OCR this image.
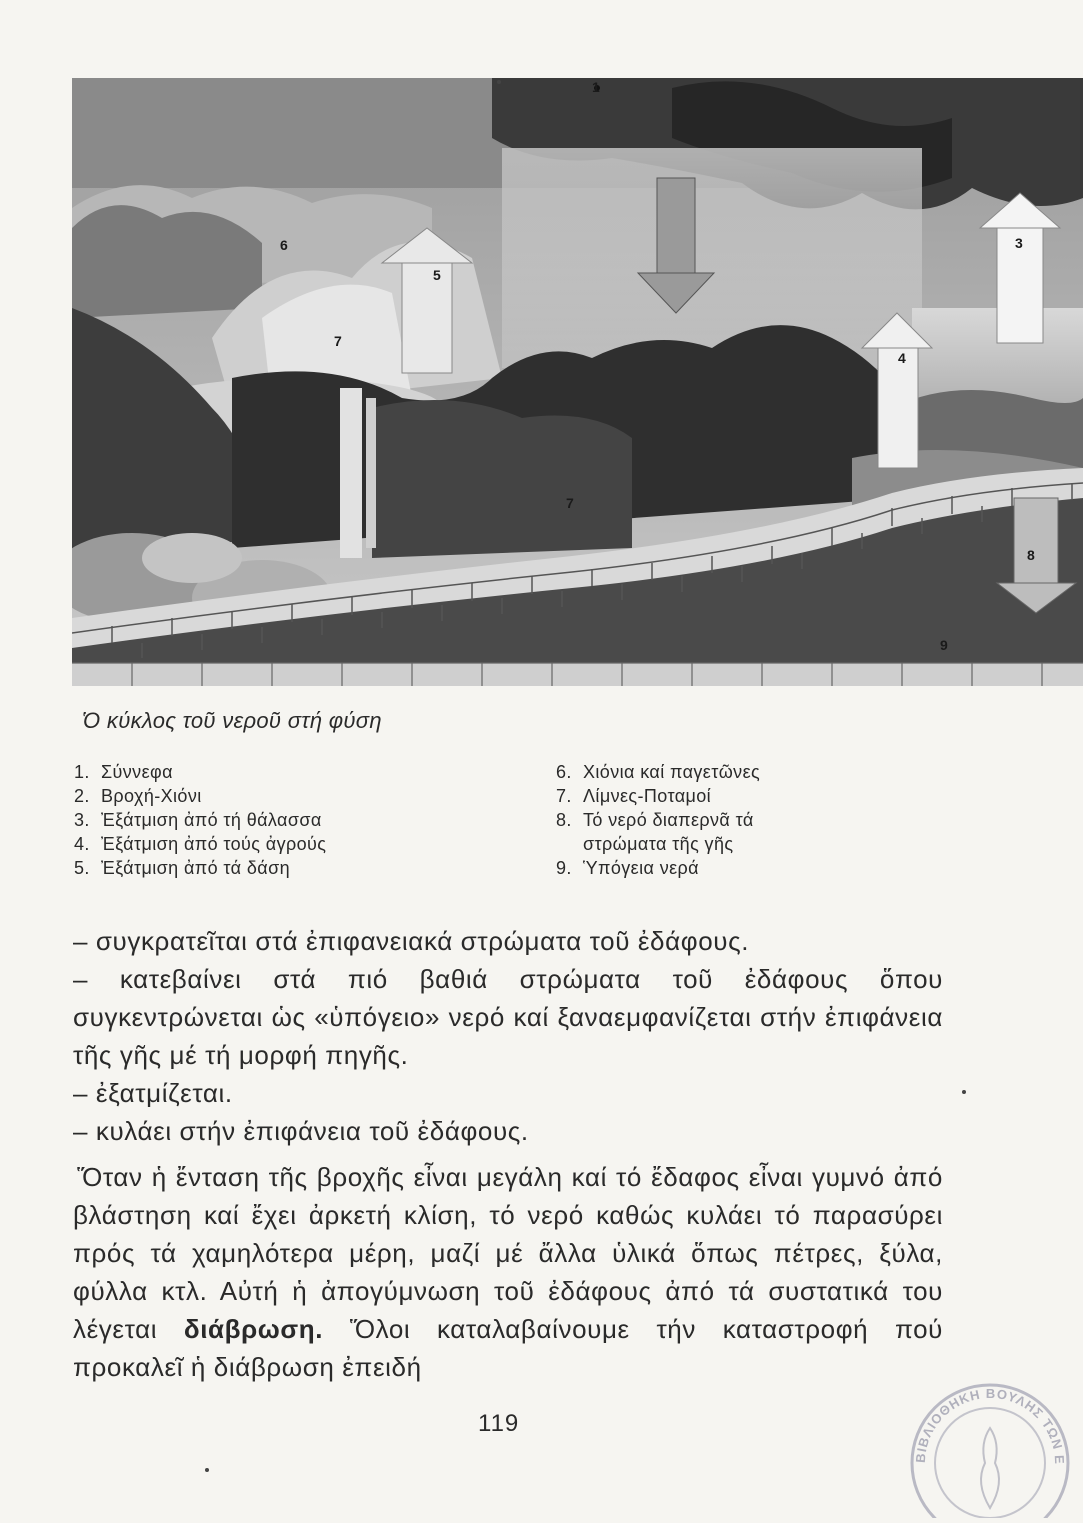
1
6
5
3
7
4
7
8
9
Ὁ κύκλος τοῦ νεροῦ στή φύση
1. Σύννεφα
2. Βροχή-Χιόνι
3. Ἐξάτμιση ἀπό τή θάλασσα
4. Ἐξάτμιση ἀπό τούς ἀγρούς
5. Ἐξάτμιση ἀπό τά δάση
6. Χιόνια καί παγετῶνες
7. Λίμνες-Ποταμοί
8. Τό νερό διαπερνᾶ τά στρώματα τῆς γῆς
9. Ὑπόγεια νερά
– συγκρατεῖται στά ἐπιφανειακά στρώματα τοῦ ἐδάφους.
– κατεβαίνει στά πιό βαθιά στρώματα τοῦ ἐδάφους ὅπου συγκεντρώνεται ὡς «ὑπόγειο» νερό καί ξαναεμφανίζεται στήν ἐπιφάνεια τῆς γῆς μέ τή μορφή πηγῆς.
– ἐξατμίζεται.
– κυλάει στήν ἐπιφάνεια τοῦ ἐδάφους.

Ὅταν ἡ ἔνταση τῆς βροχῆς εἶναι μεγάλη καί τό ἔδαφος εἶναι γυμνό ἀπό βλάστηση καί ἔχει ἀρκετή κλίση, τό νερό καθώς κυλάει τό παρασύρει πρός τά χαμηλότερα μέρη, μαζί μέ ἄλλα ὑλικά ὅπως πέτρες, ξύλα, φύλλα κτλ. Αὐτή ἡ ἀπογύμνωση τοῦ ἐδάφους ἀπό τά συστατικά του λέγεται διάβρωση. Ὅλοι καταλαβαίνουμε τήν καταστροφή πού προκαλεῖ ἡ διάβρωση ἐπειδή

119
ΒΙΒΛΙΟΘΗΚΗ ΒΟΥΛΗΣ ΤΩΝ Ε
